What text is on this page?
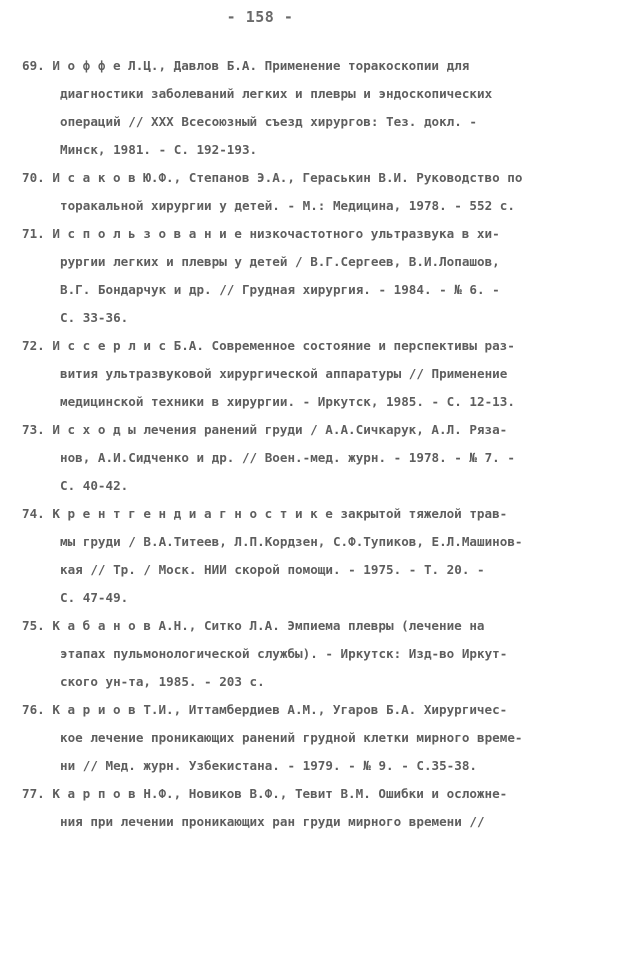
- 158 -
69. И о ф ф е Л.Ц., Давлов Б.А. Применение торакоскопии для
диагностики заболеваний легких и плевры и эндоскопических
операций // XXX Всесоюзный съезд хирургов: Тез. докл. -
Минск, 1981. - С. 192-193.
70. И с а к о в Ю.Ф., Степанов Э.А., Гераськин В.И. Руководство по
торакальной хирургии у детей. - М.: Медицина, 1978. - 552 с.
71. И с п о л ь з о в а н и е низкочастотного ультразвука в хи-
рургии легких и плевры у детей / В.Г.Сергеев, В.И.Лопашов,
В.Г. Бондарчук и др. // Грудная хирургия. - 1984. - № 6. -
С. 33-36.
72. И с с е р л и с Б.А. Современное состояние и перспективы раз-
вития ультразвуковой хирургической аппаратуры // Применение
медицинской техники в хирургии. - Иркутск, 1985. - С. 12-13.
73. И с х о д ы лечения ранений груди / А.А.Сичкарук, А.Л. Рязa-
нов, А.И.Сидченко и др. // Воен.-мед. журн. - 1978. - № 7. -
С. 40-42.
74. К р е н т г е н д и а г н о с т и к е закрытой тяжелой трав-
мы груди / В.А.Титеев, Л.П.Кордзен, С.Ф.Тупиков, Е.Л.Машинов-
кая // Тр. / Моск. НИИ скорой помощи. - 1975. - Т. 20. -
С. 47-49.
75. К а б а н о в А.Н., Ситко Л.А. Эмпиема плевры (лечение на
этапах пульмонологической службы). - Иркутск: Изд-во Иркут-
ского ун-та, 1985. - 203 с.
76. К а р и о в Т.И., Иттамбердиев А.М., Угаров Б.А. Хирургичес-
кое лечение проникающих ранений грудной клетки мирного време-
ни // Мед. журн. Узбекистана. - 1979. - № 9. - С.35-38.
77. К а р п о в Н.Ф., Новиков В.Ф., Тевит В.М. Ошибки и осложне-
ния при лечении проникающих ран груди мирного времени //
